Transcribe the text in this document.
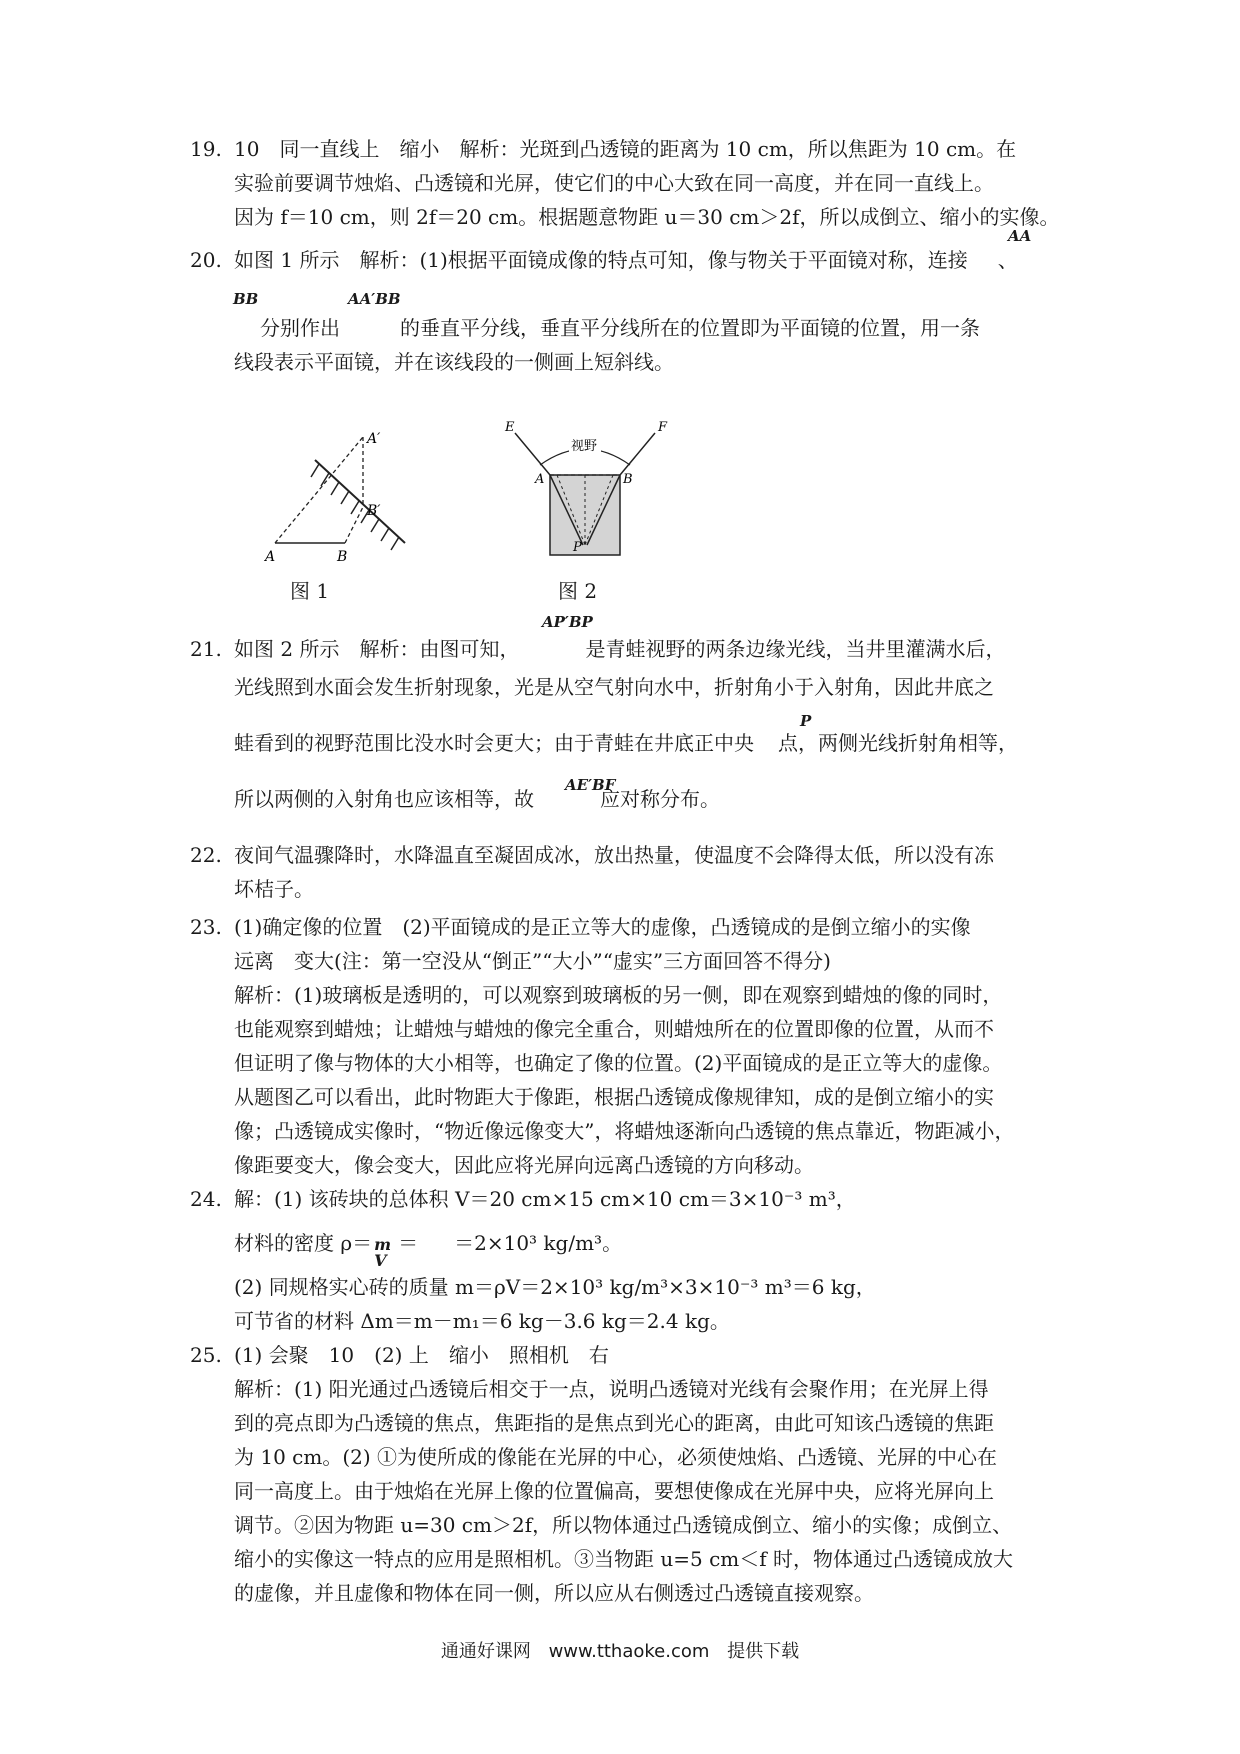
19. 10　同一直线上　缩小　解析：光斑到凸透镜的距离为 10 cm，所以焦距为 10 cm。在
实验前要调节烛焰、凸透镜和光屏，使它们的中心大致在同一高度，并在同一直线上。
因为 f＝10 cm，则 2f＝20 cm。根据题意物距 u＝30 cm＞2f，所以成倒立、缩小的实像。
20. 如图 1 所示　解析：(1)根据平面镜成像的特点可知，像与物关于平面镜对称，连接 、
分别作出	的垂直平分线，垂直平分线所在的位置即为平面镜的位置，用一条
线段表示平面镜，并在该线段的一侧画上短斜线。
AA
BB	AA′BB
A	B
A′
B′
图 1
视野
E	F
A	B
P
图 2
21. 如图 2 所示　解析：由图可知，	是青蛙视野的两条边缘光线，当井里灌满水后，
光线照到水面会发生折射现象，光是从空气射向水中，折射角小于入射角，因此井底之
蛙看到的视野范围比没水时会更大；由于青蛙在井底正中央 点，两侧光线折射角相等，
所以两侧的入射角也应该相等，故	应对称分布。
AP′BP
P
AE′BF
22. 夜间气温骤降时，水降温直至凝固成冰，放出热量，使温度不会降得太低，所以没有冻
坏桔子。
23. (1)确定像的位置　(2)平面镜成的是正立等大的虚像，凸透镜成的是倒立缩小的实像
远离　变大(注：第一空没从“倒正”“大小”“虚实”三方面回答不得分)
解析：(1)玻璃板是透明的，可以观察到玻璃板的另一侧，即在观察到蜡烛的像的同时，
也能观察到蜡烛；让蜡烛与蜡烛的像完全重合，则蜡烛所在的位置即像的位置，从而不
但证明了像与物体的大小相等，也确定了像的位置。(2)平面镜成的是正立等大的虚像。
从题图乙可以看出，此时物距大于像距，根据凸透镜成像规律知，成的是倒立缩小的实
像；凸透镜成实像时，“物近像远像变大”，将蜡烛逐渐向凸透镜的焦点靠近，物距减小，
像距要变大，像会变大，因此应将光屏向远离凸透镜的方向移动。
24. 解：(1) 该砖块的总体积 V＝20 cm×15 cm×10 cm＝3×10⁻³ m³，
材料的密度 ρ＝ m
V
＝ ＝2×10³ kg/m³。
(2) 同规格实心砖的质量 m＝ρV＝2×10³ kg/m³×3×10⁻³ m³＝6 kg，
可节省的材料 Δm＝m－m₁＝6 kg－3.6 kg＝2.4 kg。
25. (1) 会聚　10　(2) 上　缩小　照相机　右
解析：(1) 阳光通过凸透镜后相交于一点，说明凸透镜对光线有会聚作用；在光屏上得
到的亮点即为凸透镜的焦点，焦距指的是焦点到光心的距离，由此可知该凸透镜的焦距
为 10 cm。(2) ①为使所成的像能在光屏的中心，必须使烛焰、凸透镜、光屏的中心在
同一高度上。由于烛焰在光屏上像的位置偏高，要想使像成在光屏中央，应将光屏向上
调节。②因为物距 u=30 cm＞2f，所以物体通过凸透镜成倒立、缩小的实像；成倒立、
缩小的实像这一特点的应用是照相机。③当物距 u=5 cm＜f 时，物体通过凸透镜成放大
的虚像，并且虚像和物体在同一侧，所以应从右侧透过凸透镜直接观察。
通通好课网 www.tthaoke.com 提供下载
